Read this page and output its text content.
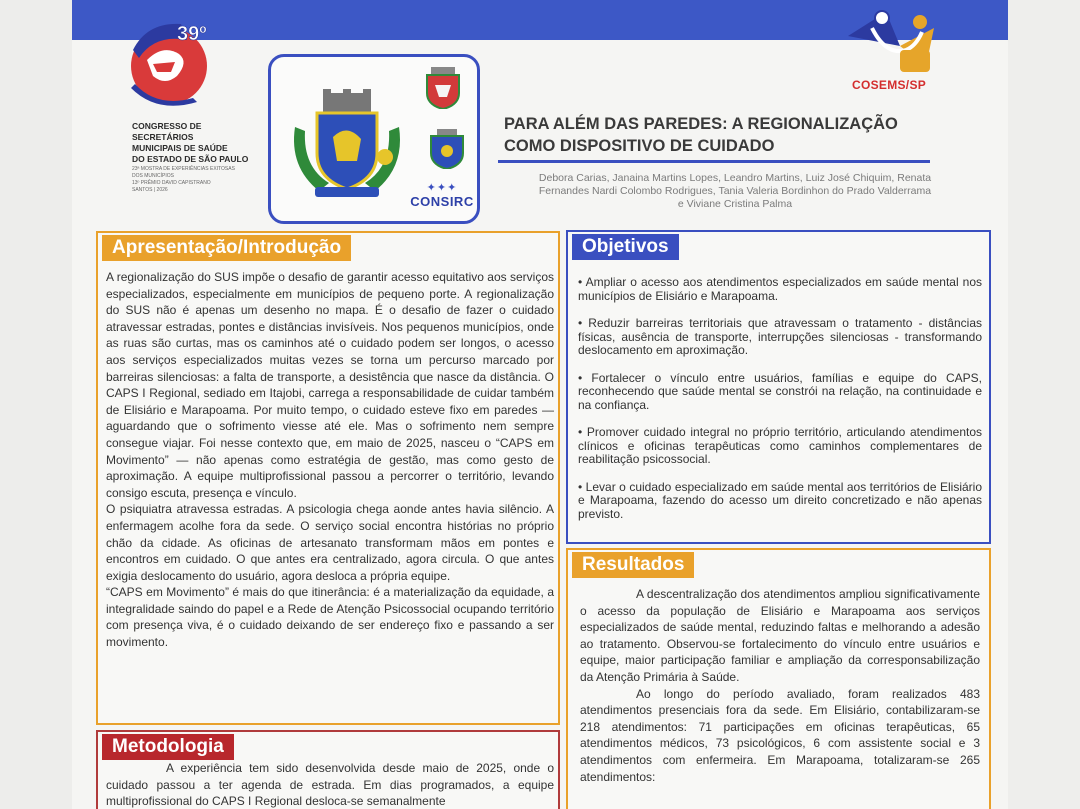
39º
CONGRESSO DE
SECRETÁRIOS
MUNICIPAIS DE SAÚDE
DO ESTADO DE SÃO PAULO
23ª MOSTRA DE EXPERIÊNCIAS EXITOSAS DOS MUNICÍPIOS
13º PRÊMIO DAVID CAPISTRANO
SANTOS | 2026	✦✦✦
CONSIRC
COSEMS/SP
PARA ALÉM DAS PAREDES: A REGIONALIZAÇÃO
COMO DISPOSITIVO DE CUIDADO
Debora Carias, Janaina Martins Lopes, Leandro Martins, Luiz José Chiquim, Renata
Fernandes Nardi Colombo Rodrigues, Tania Valeria Bordinhon do Prado Valderrama
e Viviane Cristina Palma
Apresentação/Introdução

A regionalização do SUS impõe o desafio de garantir acesso equitativo aos serviços especializados, especialmente em municípios de pequeno porte. A regionalização do SUS não é apenas um desenho no mapa. É o desafio de fazer o cuidado atravessar estradas, pontes e distâncias invisíveis. Nos pequenos municípios, onde as ruas são curtas, mas os caminhos até o cuidado podem ser longos, o acesso aos serviços especializados muitas vezes se torna um percurso marcado por barreiras silenciosas: a falta de transporte, a desistência que nasce da distância. O CAPS I Regional, sediado em Itajobi, carrega a responsabilidade de cuidar também de Elisiário e Marapoama. Por muito tempo, o cuidado esteve fixo em paredes — aguardando que o sofrimento viesse até ele. Mas o sofrimento nem sempre consegue viajar. Foi nesse contexto que, em maio de 2025, nasceu o “CAPS em Movimento” — não apenas como estratégia de gestão, mas como gesto de aproximação. A equipe multiprofissional passou a percorrer o território, levando consigo escuta, presença e vínculo.

O psiquiatra atravessa estradas. A psicologia chega aonde antes havia silêncio. A enfermagem acolhe fora da sede. O serviço social encontra histórias no próprio chão da cidade. As oficinas de artesanato transformam mãos em pontes e encontros em cuidado. O que antes era centralizado, agora circula. O que antes exigia deslocamento do usuário, agora desloca a própria equipe.

“CAPS em Movimento” é mais do que itinerância: é a materialização da equidade, a integralidade saindo do papel e a Rede de Atenção Psicossocial ocupando território com presença viva, é o cuidado deixando de ser endereço fixo e passando a ser movimento.

Metodologia

A experiência tem sido desenvolvida desde maio de 2025, onde o cuidado passou a ter agenda de estrada. Em dias programados, a equipe multiprofissional do CAPS I Regional desloca-se semanalmente

Objetivos
• Ampliar o acesso aos atendimentos especializados em saúde mental nos municípios de Elisiário e Marapoama.
• Reduzir barreiras territoriais que atravessam o tratamento - distâncias físicas, ausência de transporte, interrupções silenciosas - transformando deslocamento em aproximação.
• Fortalecer o vínculo entre usuários, famílias e equipe do CAPS, reconhecendo que saúde mental se constrói na relação, na continuidade e na confiança.
• Promover cuidado integral no próprio território, articulando atendimentos clínicos e oficinas terapêuticas como caminhos complementares de reabilitação psicossocial.
• Levar o cuidado especializado em saúde mental aos territórios de Elisiário e Marapoama, fazendo do acesso um direito concretizado e não apenas previsto.
Resultados

A descentralização dos atendimentos ampliou significativamente o acesso da população de Elisiário e Marapoama aos serviços especializados de saúde mental, reduzindo faltas e melhorando a adesão ao tratamento. Observou-se fortalecimento do vínculo entre usuários e equipe, maior participação familiar e ampliação da corresponsabilização da Atenção Primária à Saúde.

Ao longo do período avaliado, foram realizados 483 atendimentos presenciais fora da sede. Em Elisiário, contabilizaram-se 218 atendimentos: 71 participações em oficinas terapêuticas, 65 atendimentos médicos, 73 psicológicos, 6 com assistente social e 3 atendimentos com enfermeira. Em Marapoama, totalizaram-se 265 atendimentos:
